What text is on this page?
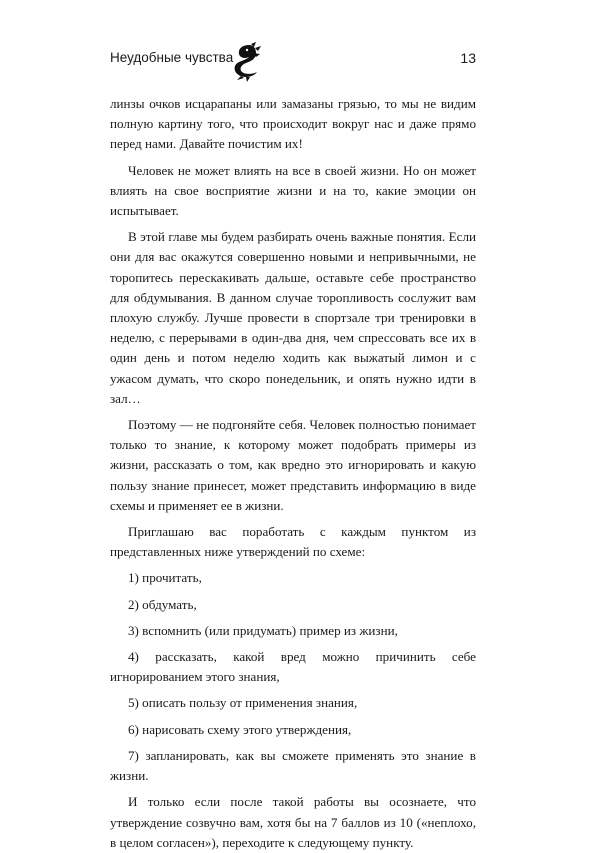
Неудобные чувства	13

линзы очков исцарапаны или замазаны грязью, то мы не видим полную картину того, что происходит вокруг нас и даже прямо перед нами. Давайте почистим их!

Человек не может влиять на все в своей жизни. Но он может влиять на свое восприятие жизни и на то, какие эмоции он испытывает.

В этой главе мы будем разбирать очень важные понятия. Если они для вас окажутся совершенно новыми и непривычными, не торопитесь перескакивать дальше, оставьте себе пространство для обдумывания. В данном случае торопливость сослужит вам плохую службу. Лучше провести в спортзале три тренировки в неделю, с перерывами в один-два дня, чем спрессовать все их в один день и потом неделю ходить как выжатый лимон и с ужасом думать, что скоро понедельник, и опять нужно идти в зал…

Поэтому — не подгоняйте себя. Человек полностью понимает только то знание, к которому может подобрать примеры из жизни, рассказать о том, как вредно это игнорировать и какую пользу знание принесет, может представить информацию в виде схемы и применяет ее в жизни.

Приглашаю вас поработать с каждым пунктом из представленных ниже утверждений по схеме:

1) прочитать,
2) обдумать,
3) вспомнить (или придумать) пример из жизни,
4) рассказать, какой вред можно причинить себе игнорированием этого знания,
5) описать пользу от применения знания,
6) нарисовать схему этого утверждения,
7) запланировать, как вы сможете применять это знание в жизни.

И только если после такой работы вы осознаете, что утверждение созвучно вам, хотя бы на 7 баллов из 10 («неплохо, в целом согласен»), переходите к следующему пункту.
